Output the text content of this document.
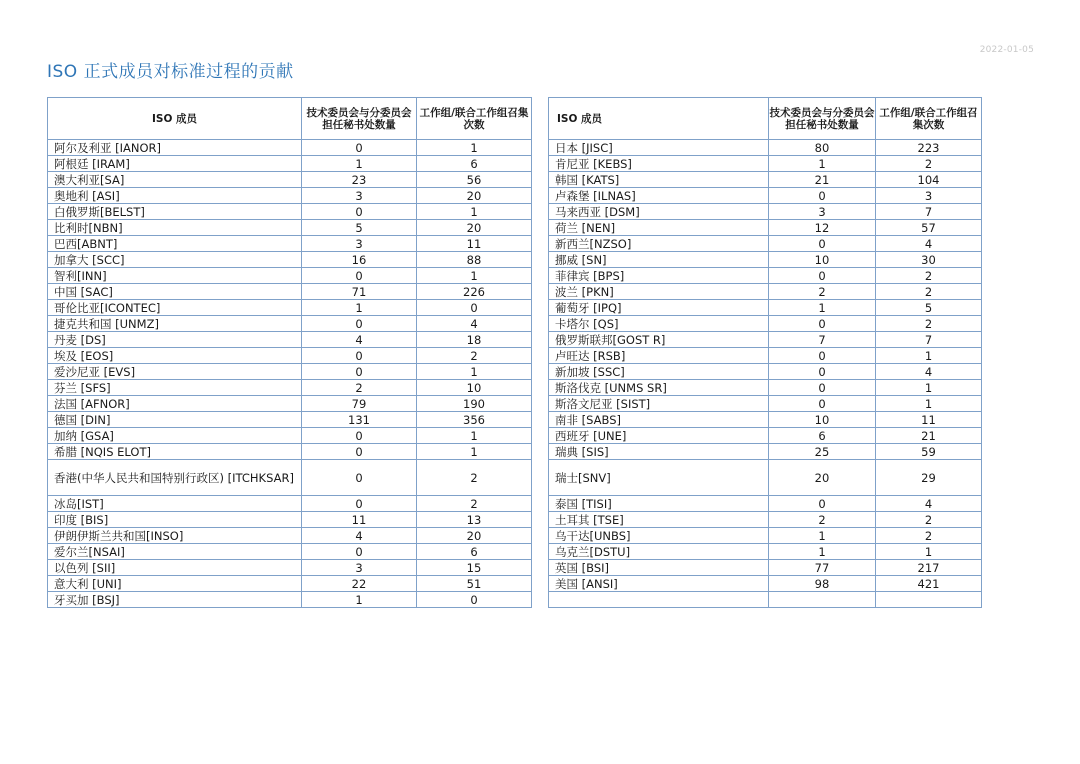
2022-01-05
ISO 正式成员对标准过程的贡献
ISO 成员	技术委员会与分委员会担任秘书处数量	工作组/联合工作组召集次数
阿尔及利亚 [IANOR]	0	1
阿根廷 [IRAM]	1	6
澳大利亚[SA]	23	56
奥地利 [ASI]	3	20
白俄罗斯[BELST]	0	1
比利时[NBN]	5	20
巴西[ABNT]	3	11
加拿大 [SCC]	16	88
智利[INN]	0	1
中国 [SAC]	71	226
哥伦比亚[ICONTEC]	1	0
捷克共和国 [UNMZ]	0	4
丹麦 [DS]	4	18
埃及 [EOS]	0	2
爱沙尼亚 [EVS]	0	1
芬兰 [SFS]	2	10
法国 [AFNOR]	79	190
德国 [DIN]	131	356
加纳 [GSA]	0	1
希腊 [NQIS ELOT]	0	1
香港(中华人民共和国特别行政区) [ITCHKSAR]	0	2
冰岛[IST]	0	2
印度 [BIS]	11	13
伊朗伊斯兰共和国[INSO]	4	20
爱尔兰[NSAI]	0	6
以色列 [SII]	3	15
意大利 [UNI]	22	51
牙买加 [BSJ]	1	0
ISO 成员	技术委员会与分委员会担任秘书处数量	工作组/联合工作组召集次数
日本 [JISC]	80	223
肯尼亚 [KEBS]	1	2
韩国 [KATS]	21	104
卢森堡 [ILNAS]	0	3
马来西亚 [DSM]	3	7
荷兰 [NEN]	12	57
新西兰[NZSO]	0	4
挪威 [SN]	10	30
菲律宾 [BPS]	0	2
波兰 [PKN]	2	2
葡萄牙 [IPQ]	1	5
卡塔尔 [QS]	0	2
俄罗斯联邦[GOST R]	7	7
卢旺达 [RSB]	0	1
新加坡 [SSC]	0	4
斯洛伐克 [UNMS SR]	0	1
斯洛文尼亚 [SIST]	0	1
南非 [SABS]	10	11
西班牙 [UNE]	6	21
瑞典 [SIS]	25	59
瑞士[SNV]	20	29
泰国 [TISI]	0	4
土耳其 [TSE]	2	2
乌干达[UNBS]	1	2
乌克兰[DSTU]	1	1
英国 [BSI]	77	217
美国 [ANSI]	98	421
